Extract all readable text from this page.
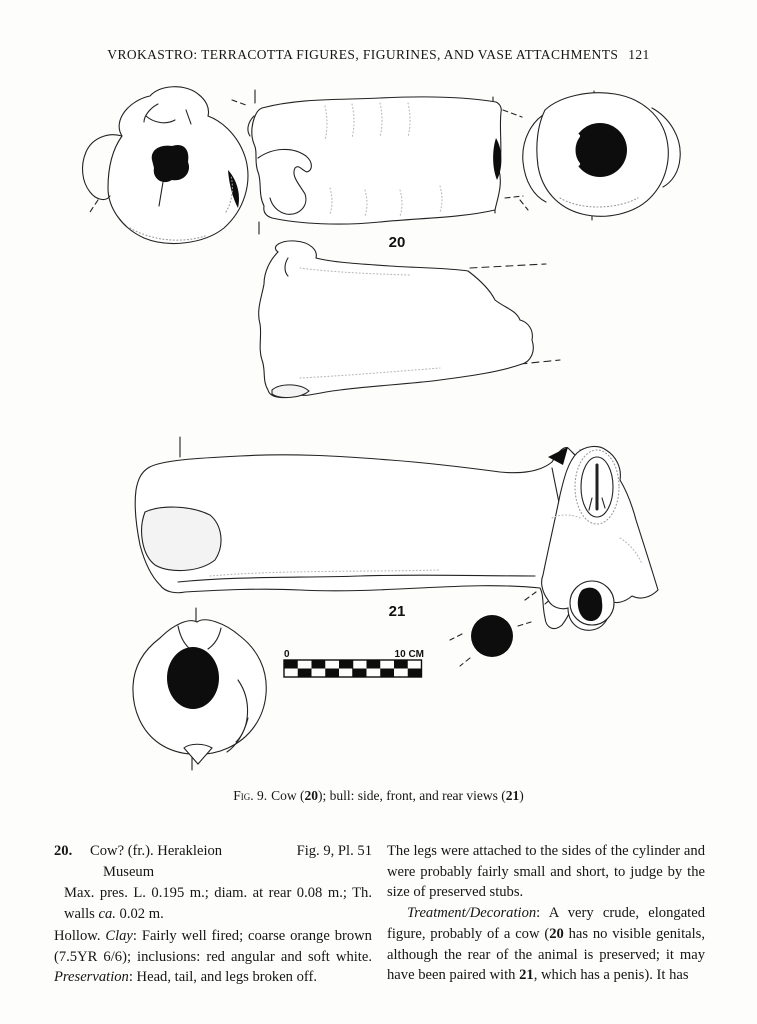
VROKASTRO: TERRACOTTA FIGURES, FIGURINES, AND VASE ATTACHMENTS 121
20
21
0	10 CM
Fig. 9. Cow (20); bull: side, front, and rear views (21)
20.	Cow? (fr.). Herakleion
Museum
Fig. 9, Pl. 51
Max. pres. L. 0.195 m.; diam. at rear 0.08 m.; Th. walls ca. 0.02 m.
Hollow. Clay: Fairly well fired; coarse orange brown (7.5YR 6/6); inclusions: red angular and soft white. Preservation: Head, tail, and legs broken off.
The legs were attached to the sides of the cylinder and were probably fairly small and short, to judge by the size of preserved stubs.
Treatment/Decoration: A very crude, elongated figure, probably of a cow (20 has no visible genitals, although the rear of the animal is preserved; it may have been paired with 21, which has a penis). It has
